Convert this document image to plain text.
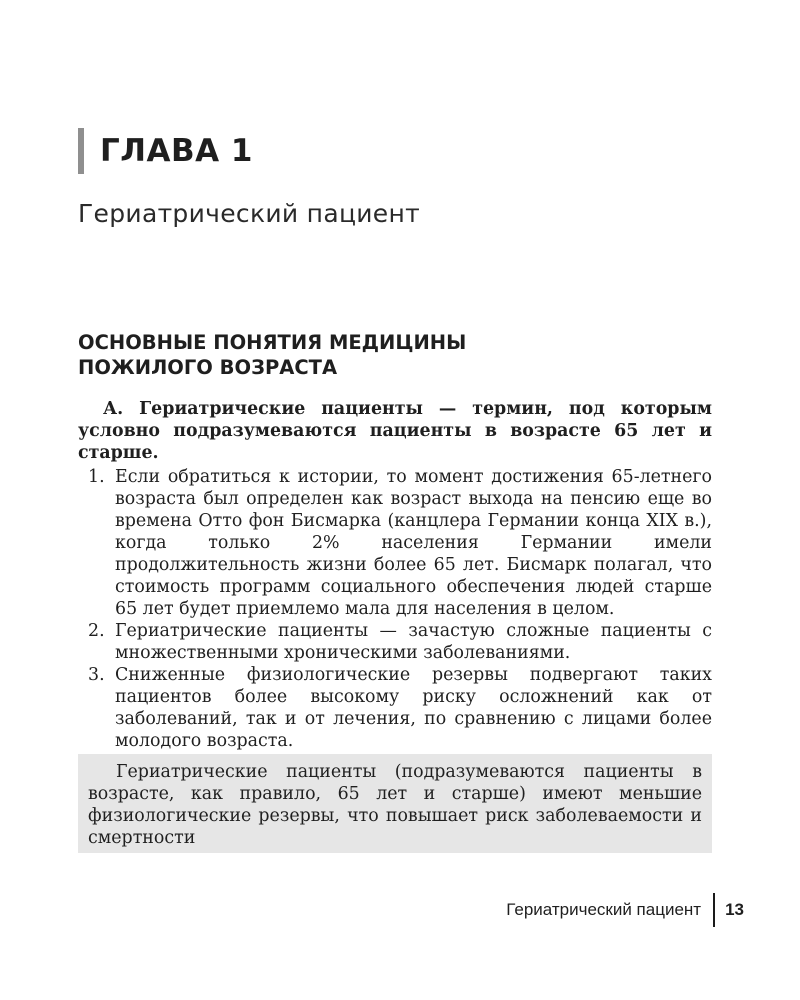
ГЛАВА 1
Гериатрический пациент
ОСНОВНЫЕ ПОНЯТИЯ МЕДИЦИНЫ
ПОЖИЛОГО ВОЗРАСТА

А. Гериатрические пациенты — термин, под которым условно подразумеваются пациенты в возрасте 65 лет и старше.

1. Если обратиться к истории, то момент достижения 65-летнего возраста был определен как возраст выхода на пенсию еще во времена Отто фон Бисмарка (канцлера Германии конца XIX в.), когда только 2% населения Германии имели продолжительность жизни более 65 лет. Бисмарк полагал, что стоимость программ социального обеспечения людей старше 65 лет будет приемлемо мала для населения в целом.
2. Гериатрические пациенты — зачастую сложные пациенты с множественными хроническими заболеваниями.
3. Сниженные физиологические резервы подвергают таких пациентов более высокому риску осложнений как от заболеваний, так и от лечения, по сравнению с лицами более молодого возраста.
Гериатрические пациенты (подразумеваются пациенты в возрасте, как правило, 65 лет и старше) имеют меньшие физиологические резервы, что повышает риск заболеваемости и смертности
Гериатрический пациент 13
